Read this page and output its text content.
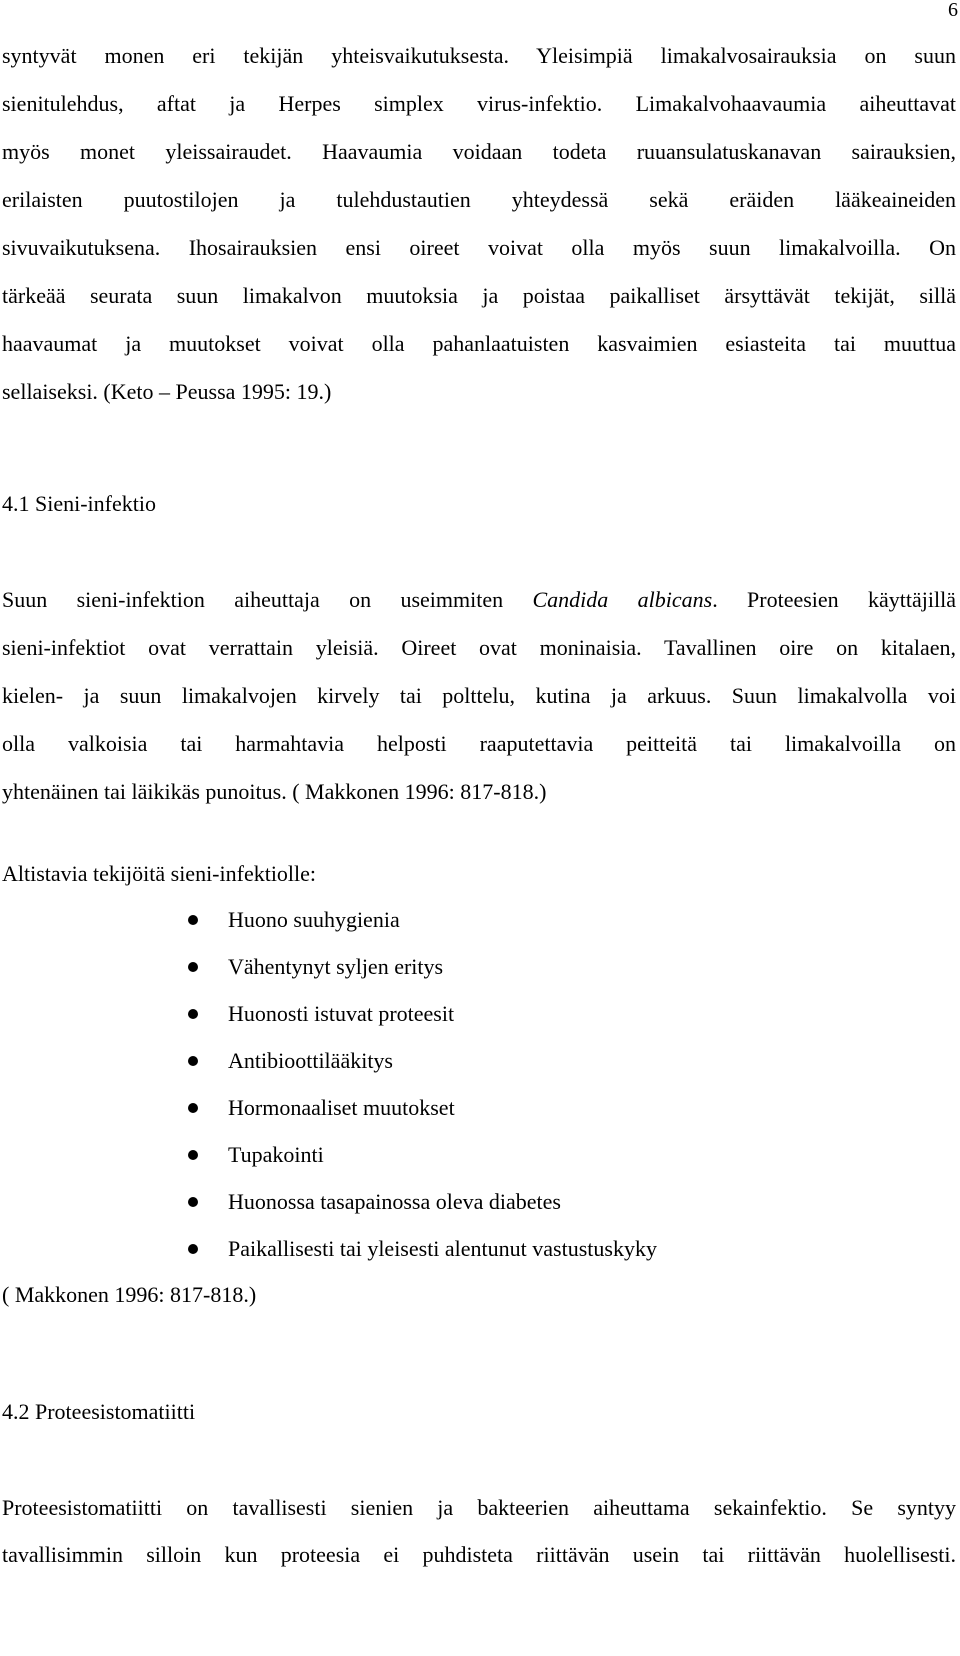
6
syntyvät monen eri tekijän yhteisvaikutuksesta. Yleisimpiä limakalvosairauksia on suun
sienitulehdus, aftat ja Herpes simplex virus-infektio. Limakalvohaavaumia aiheuttavat
myös monet yleissairaudet. Haavaumia voidaan todeta ruuansulatuskanavan sairauksien,
erilaisten puutostilojen ja tulehdustautien yhteydessä sekä eräiden lääkeaineiden
sivuvaikutuksena. Ihosairauksien ensi oireet voivat olla myös suun limakalvoilla. On
tärkeää seurata suun limakalvon muutoksia ja poistaa paikalliset ärsyttävät tekijät, sillä
haavaumat ja muutokset voivat olla pahanlaatuisten kasvaimien esiasteita tai muuttua
sellaiseksi. (Keto – Peussa 1995: 19.)
4.1 Sieni-infektio
Suun sieni-infektion aiheuttaja on useimmiten Candida albicans. Proteesien käyttäjillä
sieni-infektiot ovat verrattain yleisiä. Oireet ovat moninaisia. Tavallinen oire on kitalaen,
kielen- ja suun limakalvojen kirvely tai polttelu, kutina ja arkuus. Suun limakalvolla voi
olla valkoisia tai harmahtavia helposti raaputettavia peitteitä tai limakalvoilla on
yhtenäinen tai läikikäs punoitus. ( Makkonen 1996: 817-818.)
Altistavia tekijöitä sieni-infektiolle:
Huono suuhygienia
Vähentynyt syljen eritys
Huonosti istuvat proteesit
Antibioottilääkitys
Hormonaaliset muutokset
Tupakointi
Huonossa tasapainossa oleva diabetes
Paikallisesti tai yleisesti alentunut vastustuskyky
( Makkonen 1996: 817-818.)
4.2 Proteesistomatiitti
Proteesistomatiitti on tavallisesti sienien ja bakteerien aiheuttama sekainfektio. Se syntyy
tavallisimmin silloin kun proteesia ei puhdisteta riittävän usein tai riittävän huolellisesti.
